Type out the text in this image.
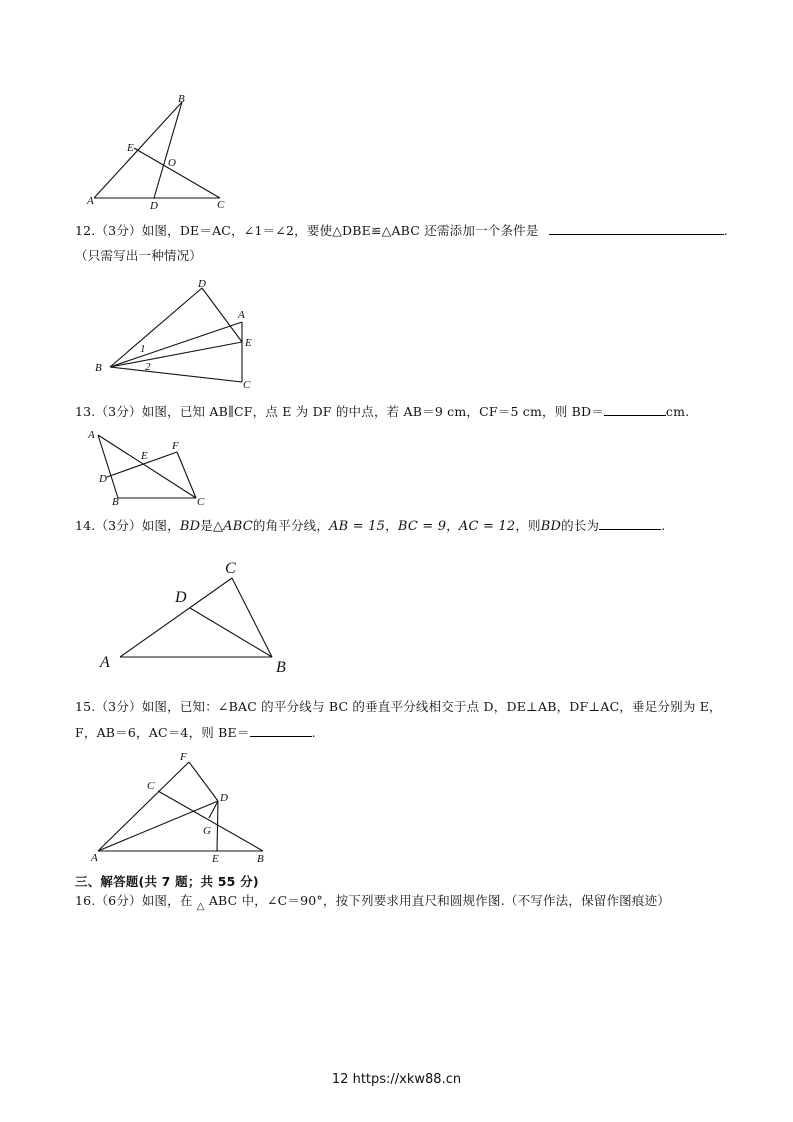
A
B
C
D
E
O
D
A
E
B
C
1
2
A
F
E
D
B	C
C
D
A	B
F
C
D
G
A	E	B
12.（3分）如图，DE＝AC，∠1＝∠2，要使△DBE≌△ABC 还需添加一个条件是	.
（只需写出一种情况）
13.（3分）如图，已知 AB∥CF，点 E 为 DF 的中点，若 AB＝9 cm，CF＝5 cm，则 BD＝	cm.
14.（3分）如图，BD是△ABC的角平分线，AB = 15，BC = 9，AC = 12，则BD的长为	.
15.（3分）如图，已知：∠BAC 的平分线与 BC 的垂直平分线相交于点 D，DE⊥AB，DF⊥AC，垂足分别为 E，
F，AB＝6，AC＝4，则 BE＝	.
三、解答题(共 7 题；共 55 分)
16.（6分）如图，在 $_\triangle$ ABC 中，∠C＝90°，按下列要求用直尺和圆规作图.（不写作法，保留作图痕迹）
12 https://xkw88.cn
